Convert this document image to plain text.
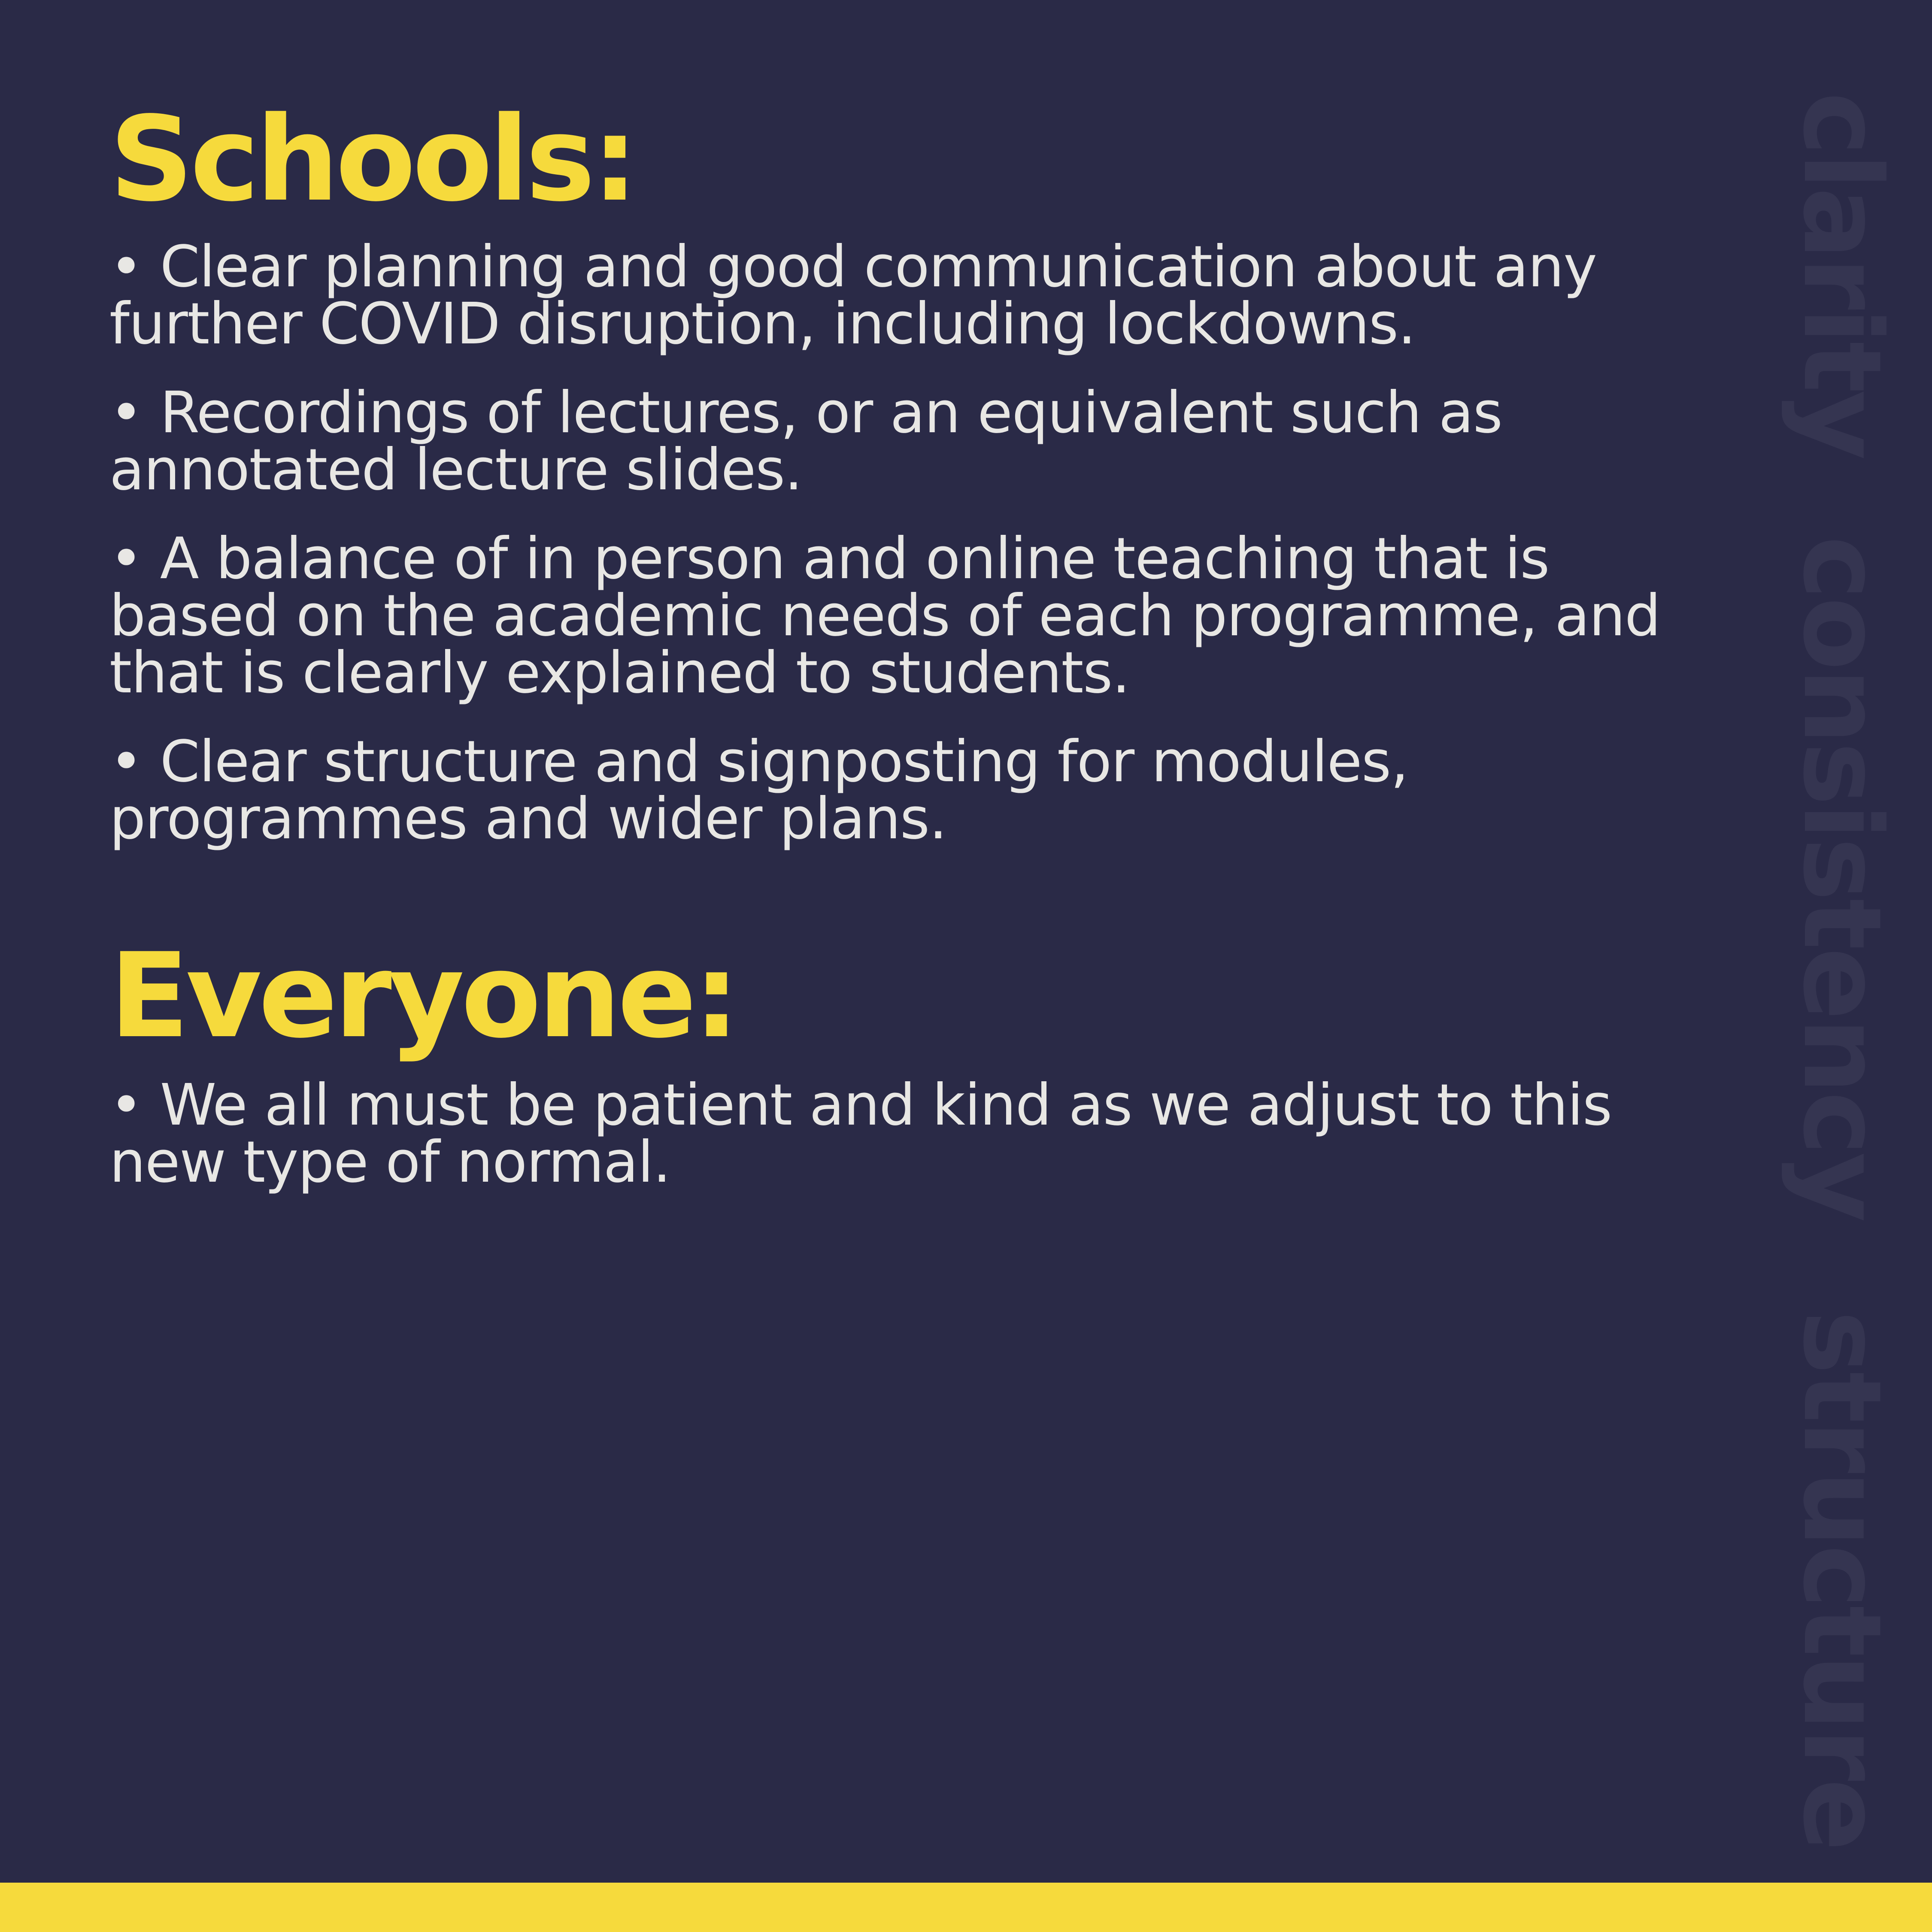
clarity
consistency
structure
Schools:
• Clear planning and good communication about any further COVID disruption, including lockdowns.
• Recordings of lectures, or an equivalent such as annotated lecture slides.
• A balance of in person and online teaching that is based on the academic needs of each programme, and that is clearly explained to students.
• Clear structure and signposting for modules, programmes and wider plans.
Everyone:
• We all must be patient and kind as we adjust to this new type of normal.
